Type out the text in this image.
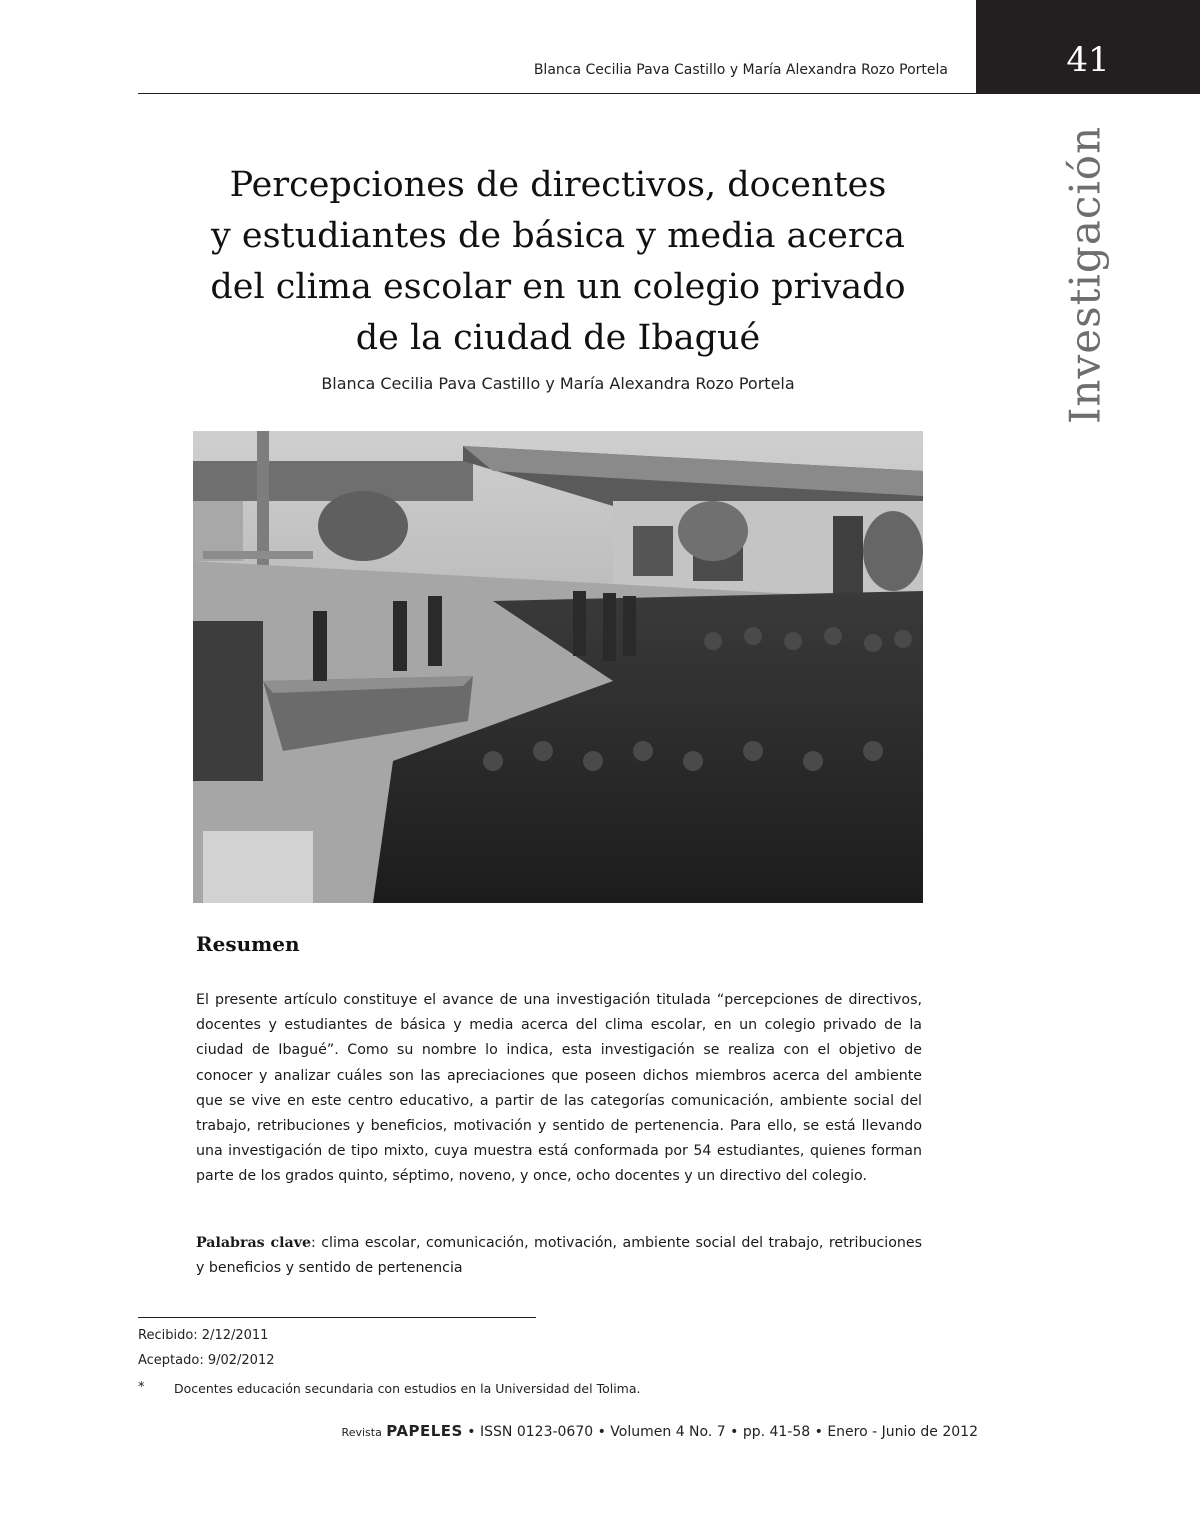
Blanca Cecilia Pava Castillo y María Alexandra Rozo Portela	41
Investigación
Percepciones de directivos, docentes
y estudiantes de básica y media acerca
del clima escolar en un colegio privado
de la ciudad de Ibagué
Blanca Cecilia Pava Castillo y María Alexandra Rozo Portela
Resumen

El presente artículo constituye el avance de una investigación titulada “percepciones de directivos, docentes y estudiantes de básica y media acerca del clima escolar, en un colegio privado de la ciudad de Ibagué”. Como su nombre lo indica, esta investigación se realiza con el objetivo de conocer y analizar cuáles son las apreciaciones que poseen dichos miembros acerca del ambiente que se vive en este centro educativo, a partir de las categorías comunicación, ambiente social del trabajo, retribuciones y beneficios, motivación y sentido de pertenencia. Para ello, se está llevando una investigación de tipo mixto, cuya muestra está conformada por 54 estudiantes, quienes forman parte de los grados quinto, séptimo, noveno, y once, ocho docentes y un directivo del colegio.

Palabras clave: clima escolar, comunicación, motivación, ambiente social del trabajo, retribuciones y beneficios y sentido de pertenencia

Recibido: 2/12/2011
Aceptado: 9/02/2012
* Docentes educación secundaria con estudios en la Universidad del Tolima.
Revista PAPELES • ISSN 0123-0670 • Volumen 4 No. 7 • pp. 41-58 • Enero - Junio de 2012
